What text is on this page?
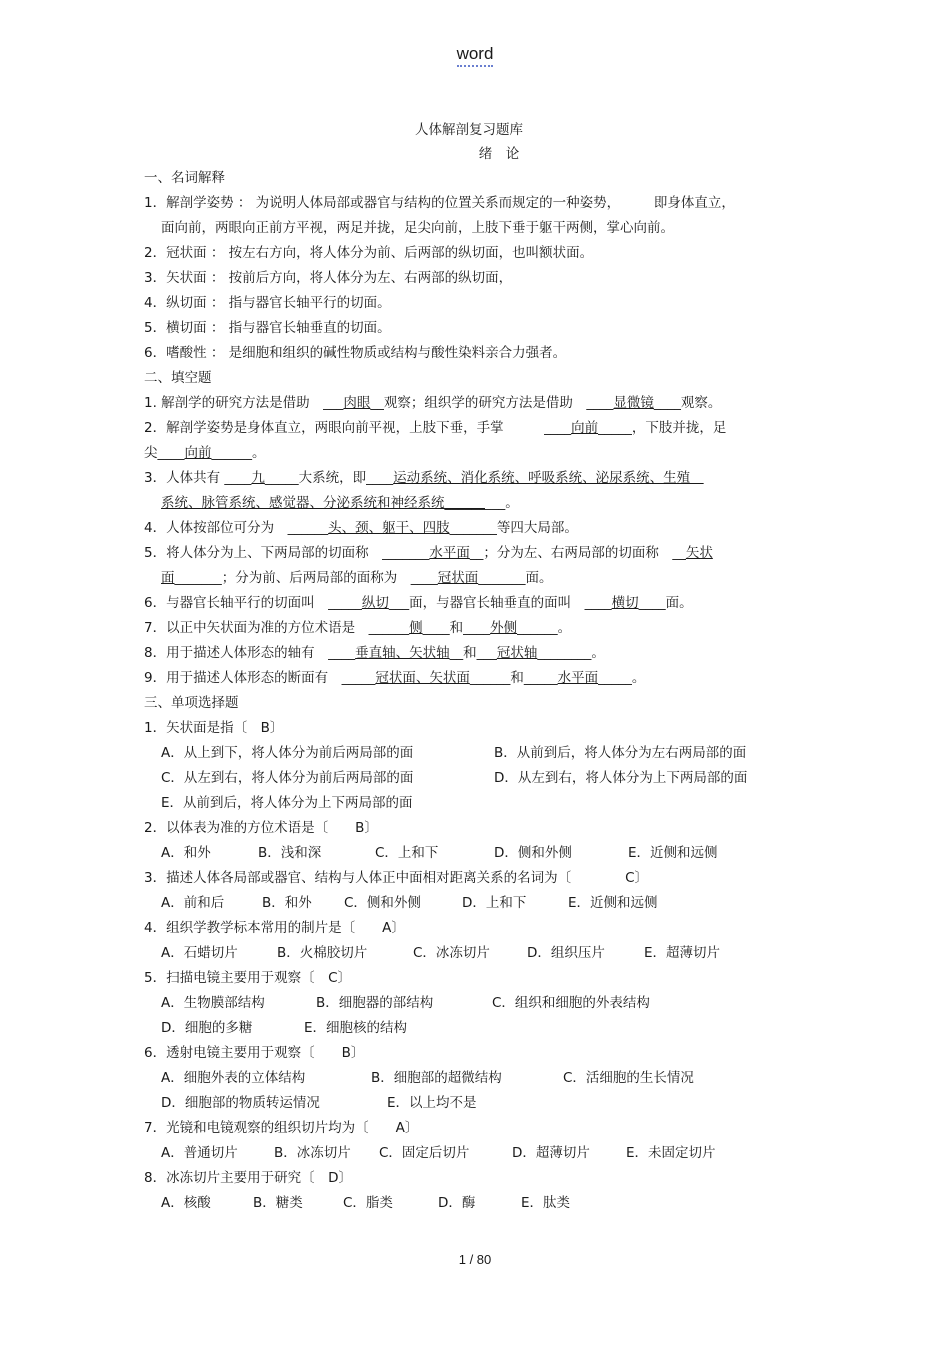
word
人体解剖复习题库
绪　论
一、名词解释
1．解剖学姿势 ： 为说明人体局部或器官与结构的位置关系而规定的一种姿势，　　　即身体直立，
面向前，两眼向正前方平视，两足并拢，足尖向前，上肢下垂于躯干两侧，掌心向前。
2．冠状面 ： 按左右方向，将人体分为前、后两部的纵切面，也叫额状面。
3．矢状面 ： 按前后方向，将人体分为左、右两部的纵切面，
4．纵切面 ： 指与器官长轴平行的切面。
5．横切面 ： 指与器官长轴垂直的切面。
6．嗜酸性 ： 是细胞和组织的碱性物质或结构与酸性染料亲合力强者。
二、填空题
1. 解剖学的研究方法是借助　___肉眼__观察；组织学的研究方法是借助　____显微镜____观察。
2．解剖学姿势是身体直立，两眼向前平视，上肢下垂，手掌　　　____向前_____，下肢并拢，足
尖____向前______。
3．人体共有 ____九_____大系统，即____运动系统、消化系统、呼吸系统、泌尿系统、生殖　
系统、脉管系统、感觉器、分泌系统和神经系统_________。
4．人体按部位可分为　______头、颈、躯干、四肢_______等四大局部。
5．将人体分为上、下两局部的切面称　_______水平面__；分为左、右两局部的切面称　__矢状
面_______；分为前、后两局部的面称为　____冠状面_______面。
6．与器官长轴平行的切面叫　_____纵切___面，与器官长轴垂直的面叫　____横切____面。
7．以正中矢状面为准的方位术语是　______侧____和____外侧______。
8．用于描述人体形态的轴有　____垂直轴、矢状轴__和___冠状轴________。
9．用于描述人体形态的断面有　_____冠状面、矢状面______和_____水平面_____。
三、单项选择题
1．矢状面是指〔　B〕
A．从上到下，将人体分为前后两局部的面	B．从前到后，将人体分为左右两局部的面
C．从左到右，将人体分为前后两局部的面	D．从左到右，将人体分为上下两局部的面
E．从前到后，将人体分为上下两局部的面
2．以体表为准的方位术语是〔　　B〕
A．和外	B．浅和深	C．上和下	D．侧和外侧	E．近侧和远侧
3．描述人体各局部或器官、结构与人体正中面相对距离关系的名词为〔　　　　C〕
A．前和后	B．和外 C．侧和外侧	D．上和下	E．近侧和远侧
4．组织学教学标本常用的制片是〔　　A〕
A．石蜡切片	B．火棉胶切片	C．冰冻切片	D．组织压片	E．超薄切片
5．扫描电镜主要用于观察〔　C〕
A．生物膜部结构	B．细胞器的部结构	C．组织和细胞的外表结构
D．细胞的多糖	E．细胞核的结构
6．透射电镜主要用于观察〔　　B〕
A．细胞外表的立体结构	B．细胞部的超微结构	C．活细胞的生长情况
D．细胞部的物质转运情况	E．以上均不是
7．光镜和电镜观察的组织切片均为〔　　A〕
A．普通切片	B．冰冻切片 C．固定后切片	D．超薄切片	E．未固定切片
8．冰冻切片主要用于研究〔　D〕
A．核酸	B．糖类	C．脂类	D．酶	E．肽类
1 / 80
